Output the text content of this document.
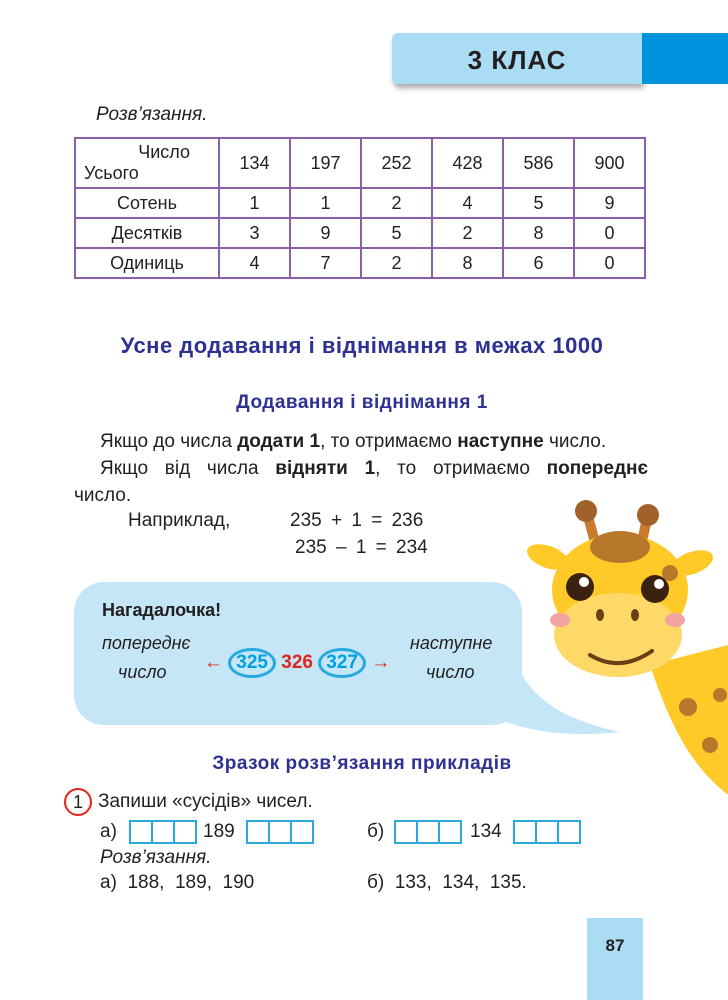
3 КЛАС
Розв’язання.
Число
Усього	134	197	252	428	586	900
Сотень	1	1	2	4	5	9
Десятків	3	9	5	2	8	0
Одиниць	4	7	2	8	6	0
Усне додавання і віднімання в межах 1000
Додавання і віднімання 1
Якщо до числа додати 1, то отримаємо наступне число.
Якщо від числа відняти 1, то отримаємо попереднє
число.
Наприклад,	235 + 1 = 236
235 – 1 = 234
Нагадалочка!
попереднє
число ← 325 326 327 →
наступне
число
Зразок розв’язання прикладів
1 Запиши «сусідів» чисел.
а)	189	б)	134
Розв’язання.
а)  188,  189,  190	б)  133,  134,  135.
87
